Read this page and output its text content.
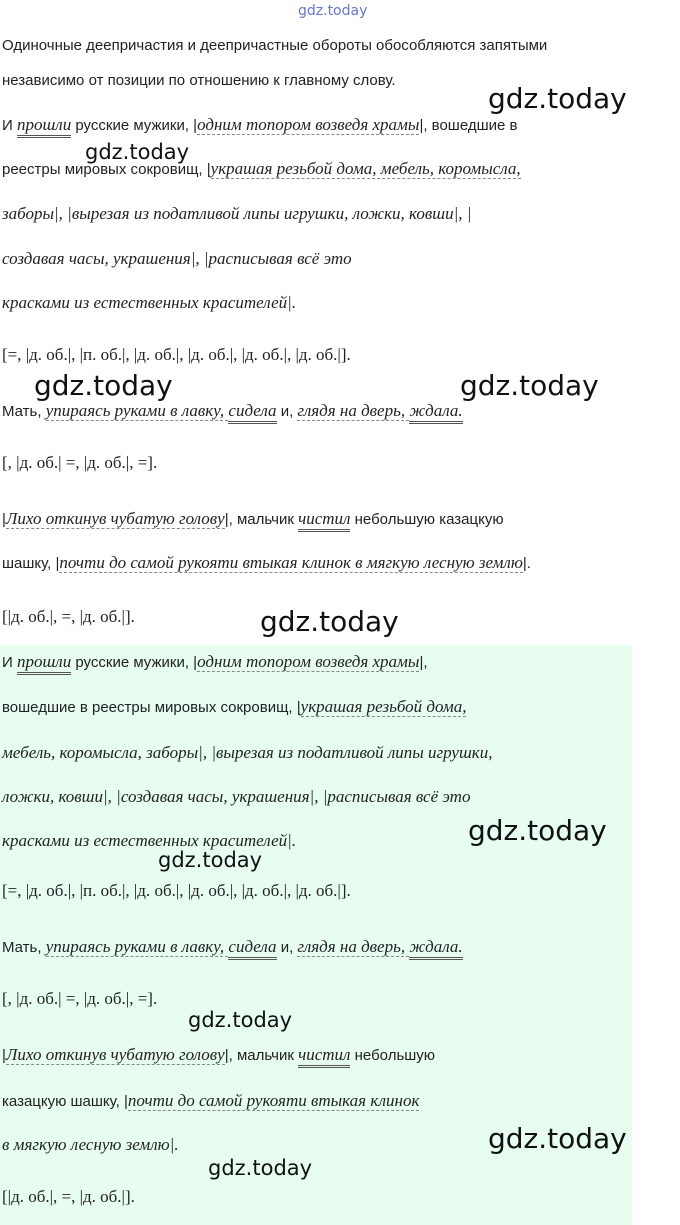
gdz.today
Одиночные деепричастия и деепричастные обороты обособляются запятыми
независимо от позиции по отношению к главному слову.
И прошли русские мужики, |одним топором возведя храмы|, вошедшие в
реестры мировых сокровищ, |украшая резьбой дома, мебель, коромысла,
заборы|, |вырезая из податливой липы игрушки, ложки, ковши|, |
создавая часы, украшения|, |расписывая всё это
красками из естественных красителей|.
[=, |д. об.|, |п. об.|, |д. об.|, |д. об.|, |д. об.|, |д. об.|].
Мать, упираясь руками в лавку, сидела и, глядя на дверь, ждала.
[, |д. об.| =, |д. об.|, =].
|Лихо откинув чубатую голову|, мальчик чистил небольшую казацкую
шашку, |почти до самой рукояти втыкая клинок в мягкую лесную землю|.
[|д. об.|, =, |д. об.|].
И прошли русские мужики, |одним топором возведя храмы|,
вошедшие в реестры мировых сокровищ, |украшая резьбой дома,
мебель, коромысла, заборы|, |вырезая из податливой липы игрушки,
ложки, ковши|, |создавая часы, украшения|, |расписывая всё это
красками из естественных красителей|.
[=, |д. об.|, |п. об.|, |д. об.|, |д. об.|, |д. об.|, |д. об.|].
Мать, упираясь руками в лавку, сидела и, глядя на дверь, ждала.
[, |д. об.| =, |д. об.|, =].
|Лихо откинув чубатую голову|, мальчик чистил небольшую
казацкую шашку, |почти до самой рукояти втыкая клинок
в мягкую лесную землю|.
[|д. об.|, =, |д. об.|].
gdz.today
gdz.today
gdz.today	gdz.today
gdz.today
gdz.today
gdz.today
gdz.today
gdz.today
gdz.today
